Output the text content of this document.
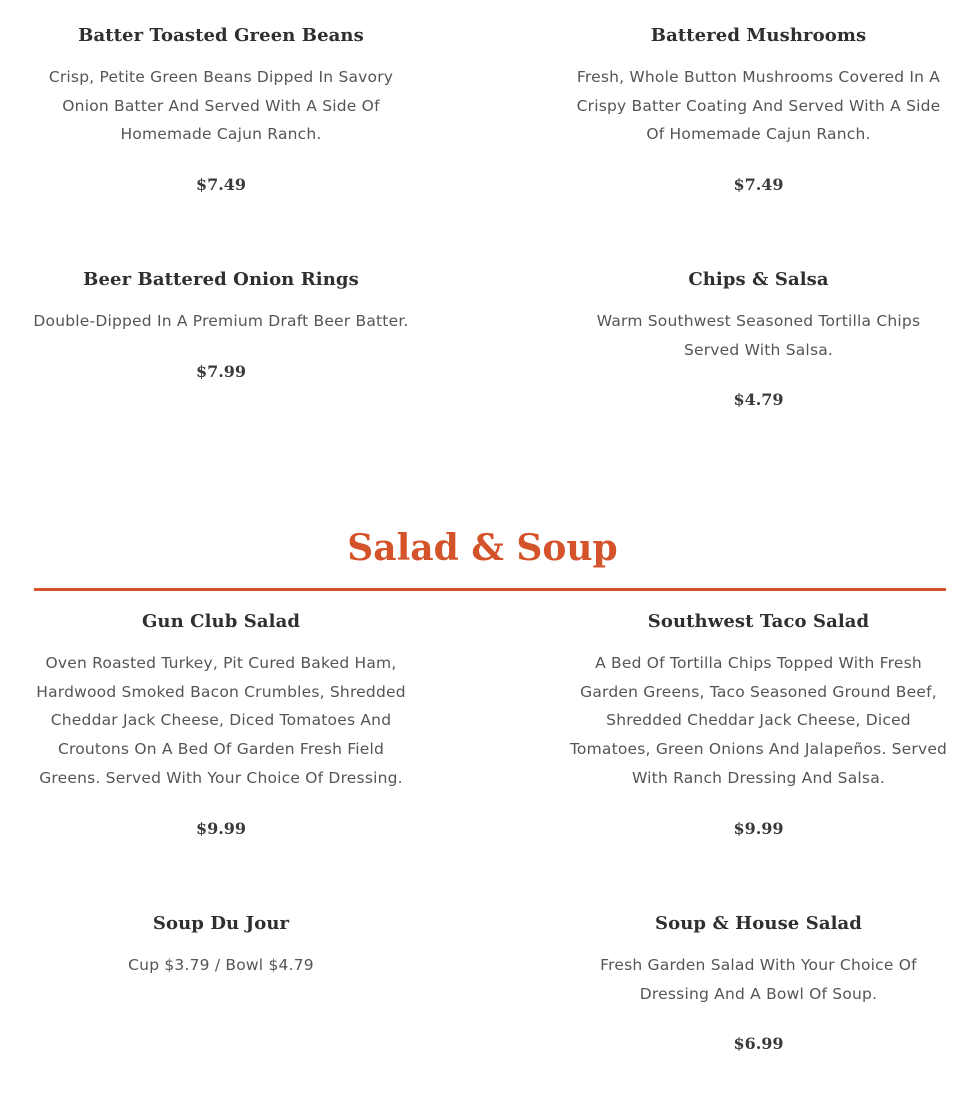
Batter Toasted Green Beans

Crisp, Petite Green Beans Dipped In Savory Onion Batter And Served With A Side Of Homemade Cajun Ranch.

$7.49

Battered Mushrooms

Fresh, Whole Button Mushrooms Covered In A Crispy Batter Coating And Served With A Side Of Homemade Cajun Ranch.

$7.49

Beer Battered Onion Rings

Double-Dipped In A Premium Draft Beer Batter.

$7.99

Chips & Salsa

Warm Southwest Seasoned Tortilla Chips Served With Salsa.

$4.79

Salad & Soup
Gun Club Salad

Oven Roasted Turkey, Pit Cured Baked Ham, Hardwood Smoked Bacon Crumbles, Shredded Cheddar Jack Cheese, Diced Tomatoes And Croutons On A Bed Of Garden Fresh Field Greens. Served With Your Choice Of Dressing.

$9.99

Southwest Taco Salad

A Bed Of Tortilla Chips Topped With Fresh Garden Greens, Taco Seasoned Ground Beef, Shredded Cheddar Jack Cheese, Diced Tomatoes, Green Onions And Jalapeños. Served With Ranch Dressing And Salsa.

$9.99

Soup Du Jour

Cup $3.79 / Bowl $4.79

Soup & House Salad

Fresh Garden Salad With Your Choice Of Dressing And A Bowl Of Soup.

$6.99
